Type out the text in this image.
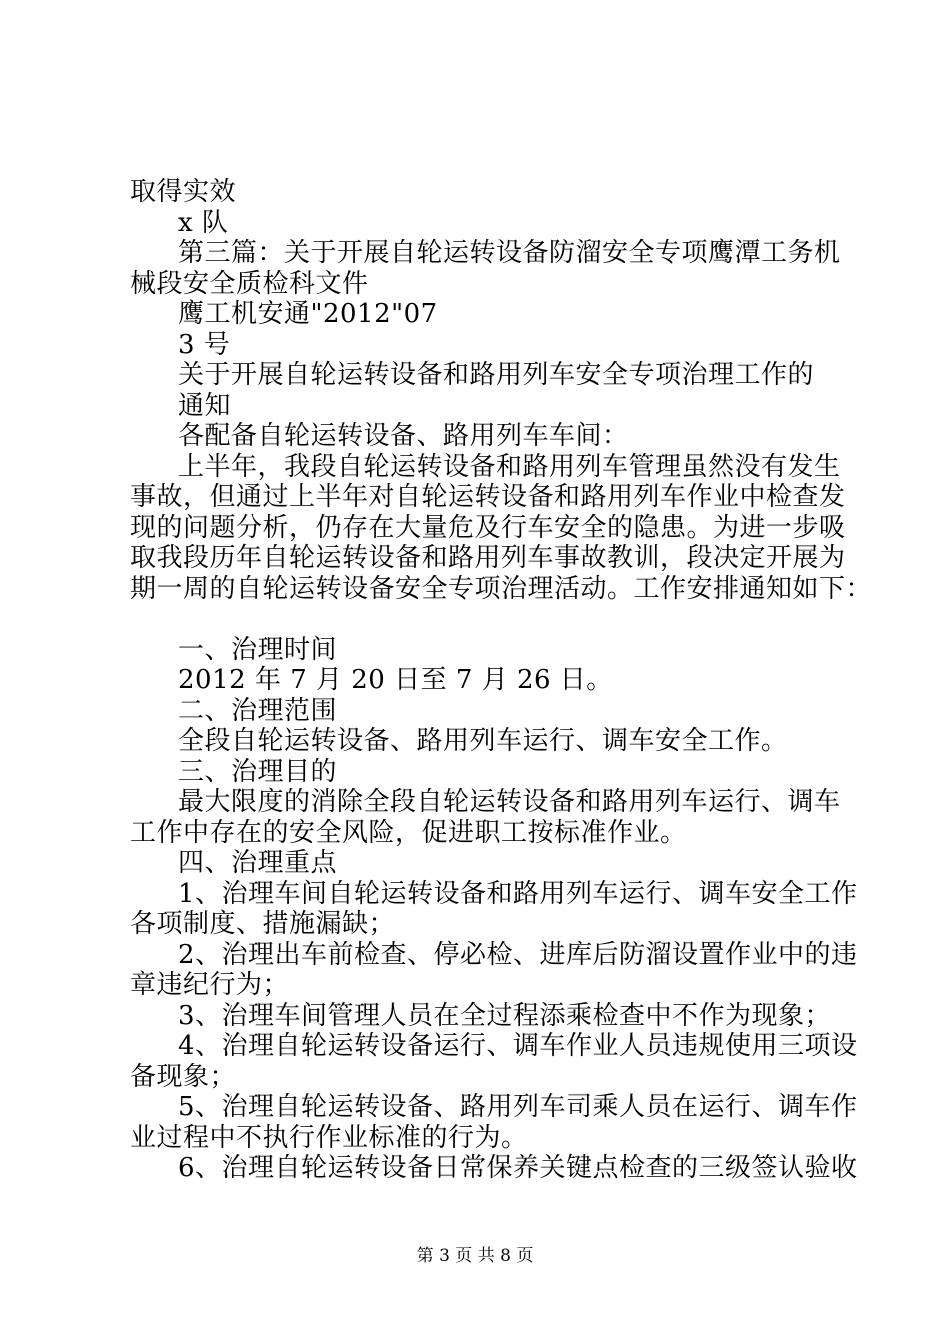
取得实效
x 队
第三篇：关于开展自轮运转设备防溜安全专项鹰潭工务机
械段安全质检科文件
鹰工机安通"2012"07
3 号
关于开展自轮运转设备和路用列车安全专项治理工作的
通知
各配备自轮运转设备、路用列车车间：
上半年，我段自轮运转设备和路用列车管理虽然没有发生
事故，但通过上半年对自轮运转设备和路用列车作业中检查发
现的问题分析，仍存在大量危及行车安全的隐患。为进一步吸
取我段历年自轮运转设备和路用列车事故教训，段决定开展为
期一周的自轮运转设备安全专项治理活动。工作安排通知如下：
一、治理时间
2012 年 7 月 20 日至 7 月 26 日。
二、治理范围
全段自轮运转设备、路用列车运行、调车安全工作。
三、治理目的
最大限度的消除全段自轮运转设备和路用列车运行、调车
工作中存在的安全风险，促进职工按标准作业。
四、治理重点
1、治理车间自轮运转设备和路用列车运行、调车安全工作
各项制度、措施漏缺；
2、治理出车前检查、停必检、进库后防溜设置作业中的违
章违纪行为；
3、治理车间管理人员在全过程添乘检查中不作为现象；
4、治理自轮运转设备运行、调车作业人员违规使用三项设
备现象；
5、治理自轮运转设备、路用列车司乘人员在运行、调车作
业过程中不执行作业标准的行为。
6、治理自轮运转设备日常保养关键点检查的三级签认验收
第 3 页 共 8 页
